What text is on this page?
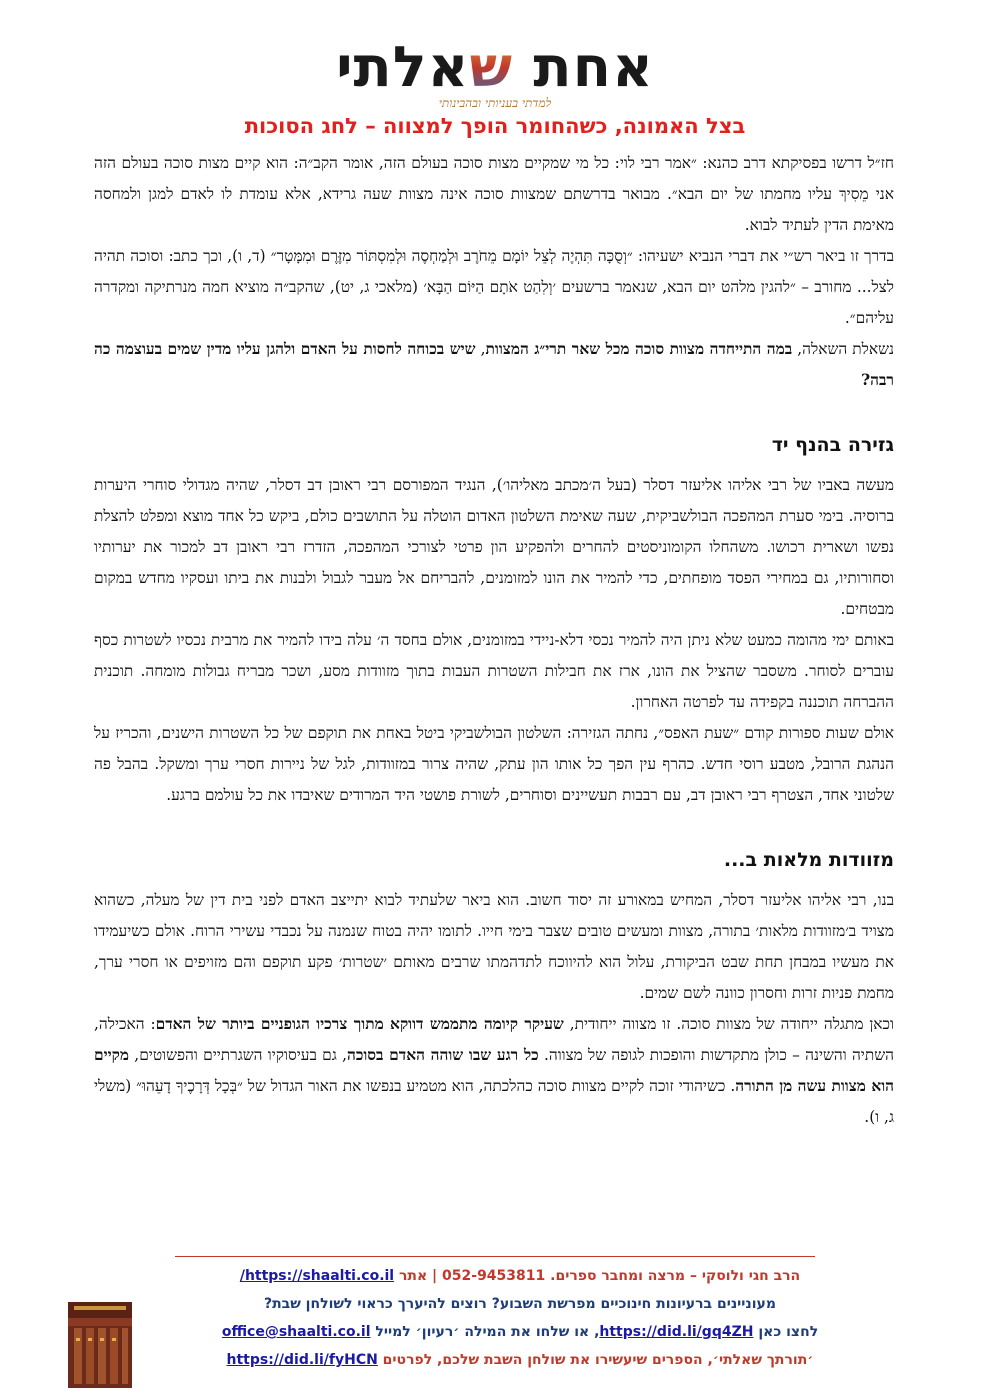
אחת שאלתי
למדתי בעניותי ובהבינותי
בצל האמונה, כשהחומר הופך למצווה – לחג הסוכות

חז״ל דרשו בפסיקתא דרב כהנא: ״אמר רבי לוי: כל מי שמקיים מצות סוכה בעולם הזה, אומר הקב״ה: הוא קיים מצות סוכה בעולם הזה אני מֵסִיךְ עליו מחמתו של יום הבא״. מבואר בדרשתם שמצוות סוכה אינה מצוות שעה גרידא, אלא עומדת לו לאדם למגן ולמחסה מאימת הדין לעתיד לבוא.

בדרך זו ביאר רש״י את דברי הנביא ישעיהו: ״וְסֻכָּה תִּהְיֶה לְצֵל יוֹמָם מֵחֹרֶב וּלְמַחְסֶה וּלְמִסְתּוֹר מִזֶּרֶם וּמִמָּטָר״ (ד, ו), וכך כתב: וסוכה תהיה לצל... מחורב – ״להגין מלהט יום הבא, שנאמר ברשעים ׳וְלִהַט אֹתָם הַיּוֹם הַבָּא׳ (מלאכי ג, יט), שהקב״ה מוציא חמה מנרתיקה ומקדרה עליהם״.

נשאלת השאלה, במה התייחדה מצוות סוכה מכל שאר תרי״ג המצוות, שיש בכוחה לחסות על האדם ולהגן עליו מדין שמים בעוצמה כה רבה?

גזירה בהנף יד

מעשה באביו של רבי אליהו אליעזר דסלר (בעל ה׳מכתב מאליהו׳), הנגיד המפורסם רבי ראובן דב דסלר, שהיה מגדולי סוחרי היערות ברוסיה. בימי סערת המהפכה הבולשביקית, שעה שאימת השלטון האדום הוטלה על התושבים כולם, ביקש כל אחד מוצא ומפלט להצלת נפשו ושארית רכושו. משהחלו הקומוניסטים להחרים ולהפקיע הון פרטי לצורכי המהפכה, הזדרז רבי ראובן דב למכור את יערותיו וסחורותיו, גם במחירי הפסד מופחתים, כדי להמיר את הונו למזומנים, להבריחם אל מעבר לגבול ולבנות את ביתו ועסקיו מחדש במקום מבטחים.

באותם ימי מהומה כמעט שלא ניתן היה להמיר נכסי דלא-ניידי במזומנים, אולם בחסד ה׳ עלה בידו להמיר את מרבית נכסיו לשטרות כסף עוברים לסוחר. משסבר שהציל את הונו, ארז את חבילות השטרות העבות בתוך מזוודות מסע, ושכר מבריח גבולות מומחה. תוכנית ההברחה תוכננה בקפידה עד לפרטה האחרון.

אולם שעות ספורות קודם ״שעת האפס״, נחתה הגזירה: השלטון הבולשביקי ביטל באחת את תוקפם של כל השטרות הישנים, והכריז על הנהגת הרובל, מטבע רוסי חדש. כהרף עין הפך כל אותו הון עתק, שהיה צרור במזוודות, לגל של ניירות חסרי ערך ומשקל. בהבל פה שלטוני אחד, הצטרף רבי ראובן דב, עם רבבות תעשיינים וסוחרים, לשורת פושטי היד המרודים שאיבדו את כל עולמם ברגע.

מזוודות מלאות ב...

בנו, רבי אליהו אליעזר דסלר, המחיש במאורע זה יסוד חשוב. הוא ביאר שלעתיד לבוא יתייצב האדם לפני בית דין של מעלה, כשהוא מצויד ב׳מזוודות מלאות׳ בתורה, מצוות ומעשים טובים שצבר בימי חייו. לתומו יהיה בטוח שנמנה על נכבדי עשירי הרוח. אולם כשיעמידו את מעשיו במבחן תחת שבט הביקורת, עלול הוא להיווכח לתדהמתו שרבים מאותם ׳שטרות׳ פקע תוקפם והם מזויפים או חסרי ערך, מחמת פניות זרות וחסרון כוונה לשם שמים.

וכאן מתגלה ייחודה של מצוות סוכה. זו מצווה ייחודית, שעיקר קיומה מתממש דווקא מתוך צרכיו הגופניים ביותר של האדם: האכילה, השתיה והשינה – כולן מתקדשות והופכות לגופה של מצווה. כל רגע שבו שוהה האדם בסוכה, גם בעיסוקיו השגרתיים והפשוטים, מקיים הוא מצוות עשה מן התורה. כשיהודי זוכה לקיים מצוות סוכה כהלכתה, הוא מטמיע בנפשו את האור הגדול של ״בְּכָל דְּרָכֶיךָ דָעֵהוּ״ (משלי ג, ו).

הרב חגי ולוסקי – מרצה ומחבר ספרים. 052-9453811 | אתר https://shaalti.co.il/
מעוניינים ברעיונות חינוכיים מפרשת השבוע? רוצים להיערך כראוי לשולחן שבת?
לחצו כאן https://did.li/gq4ZH, או שלחו את המילה ׳רעיון׳ למייל office@shaalti.co.il
׳תורתך שאלתי׳, הספרים שיעשירו את שולחן השבת שלכם, לפרטים https://did.li/fyHCN
